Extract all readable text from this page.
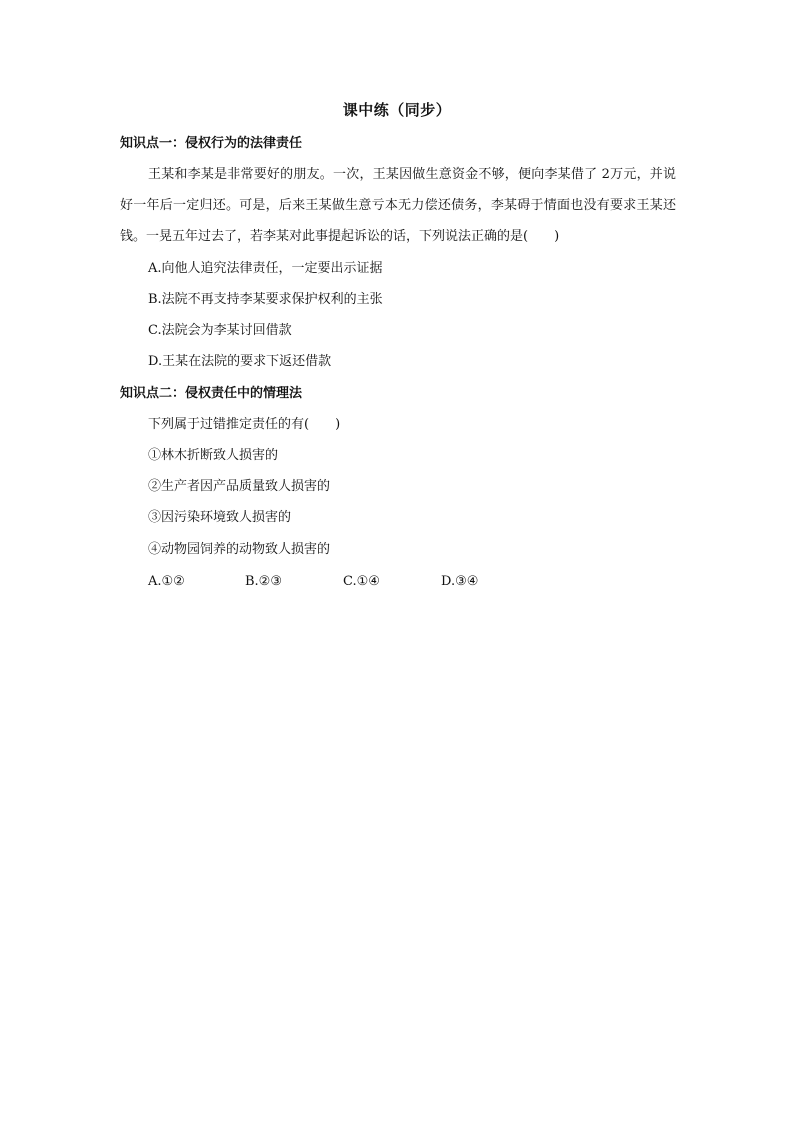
课中练（同步）
知识点一：侵权行为的法律责任
王某和李某是非常要好的朋友。一次，王某因做生意资金不够，便向李某借了 2万元，并说好一年后一定归还。可是，后来王某做生意亏本无力偿还债务，李某碍于情面也没有要求王某还钱。一晃五年过去了，若李某对此事提起诉讼的话，下列说法正确的是(　　)
A.向他人追究法律责任，一定要出示证据
B.法院不再支持李某要求保护权利的主张
C.法院会为李某讨回借款
D.王某在法院的要求下返还借款
知识点二：侵权责任中的情理法
下列属于过错推定责任的有(　　)
①林木折断致人损害的
②生产者因产品质量致人损害的
③因污染环境致人损害的
④动物园饲养的动物致人损害的
A.①②	B.②③	C.①④	D.③④
